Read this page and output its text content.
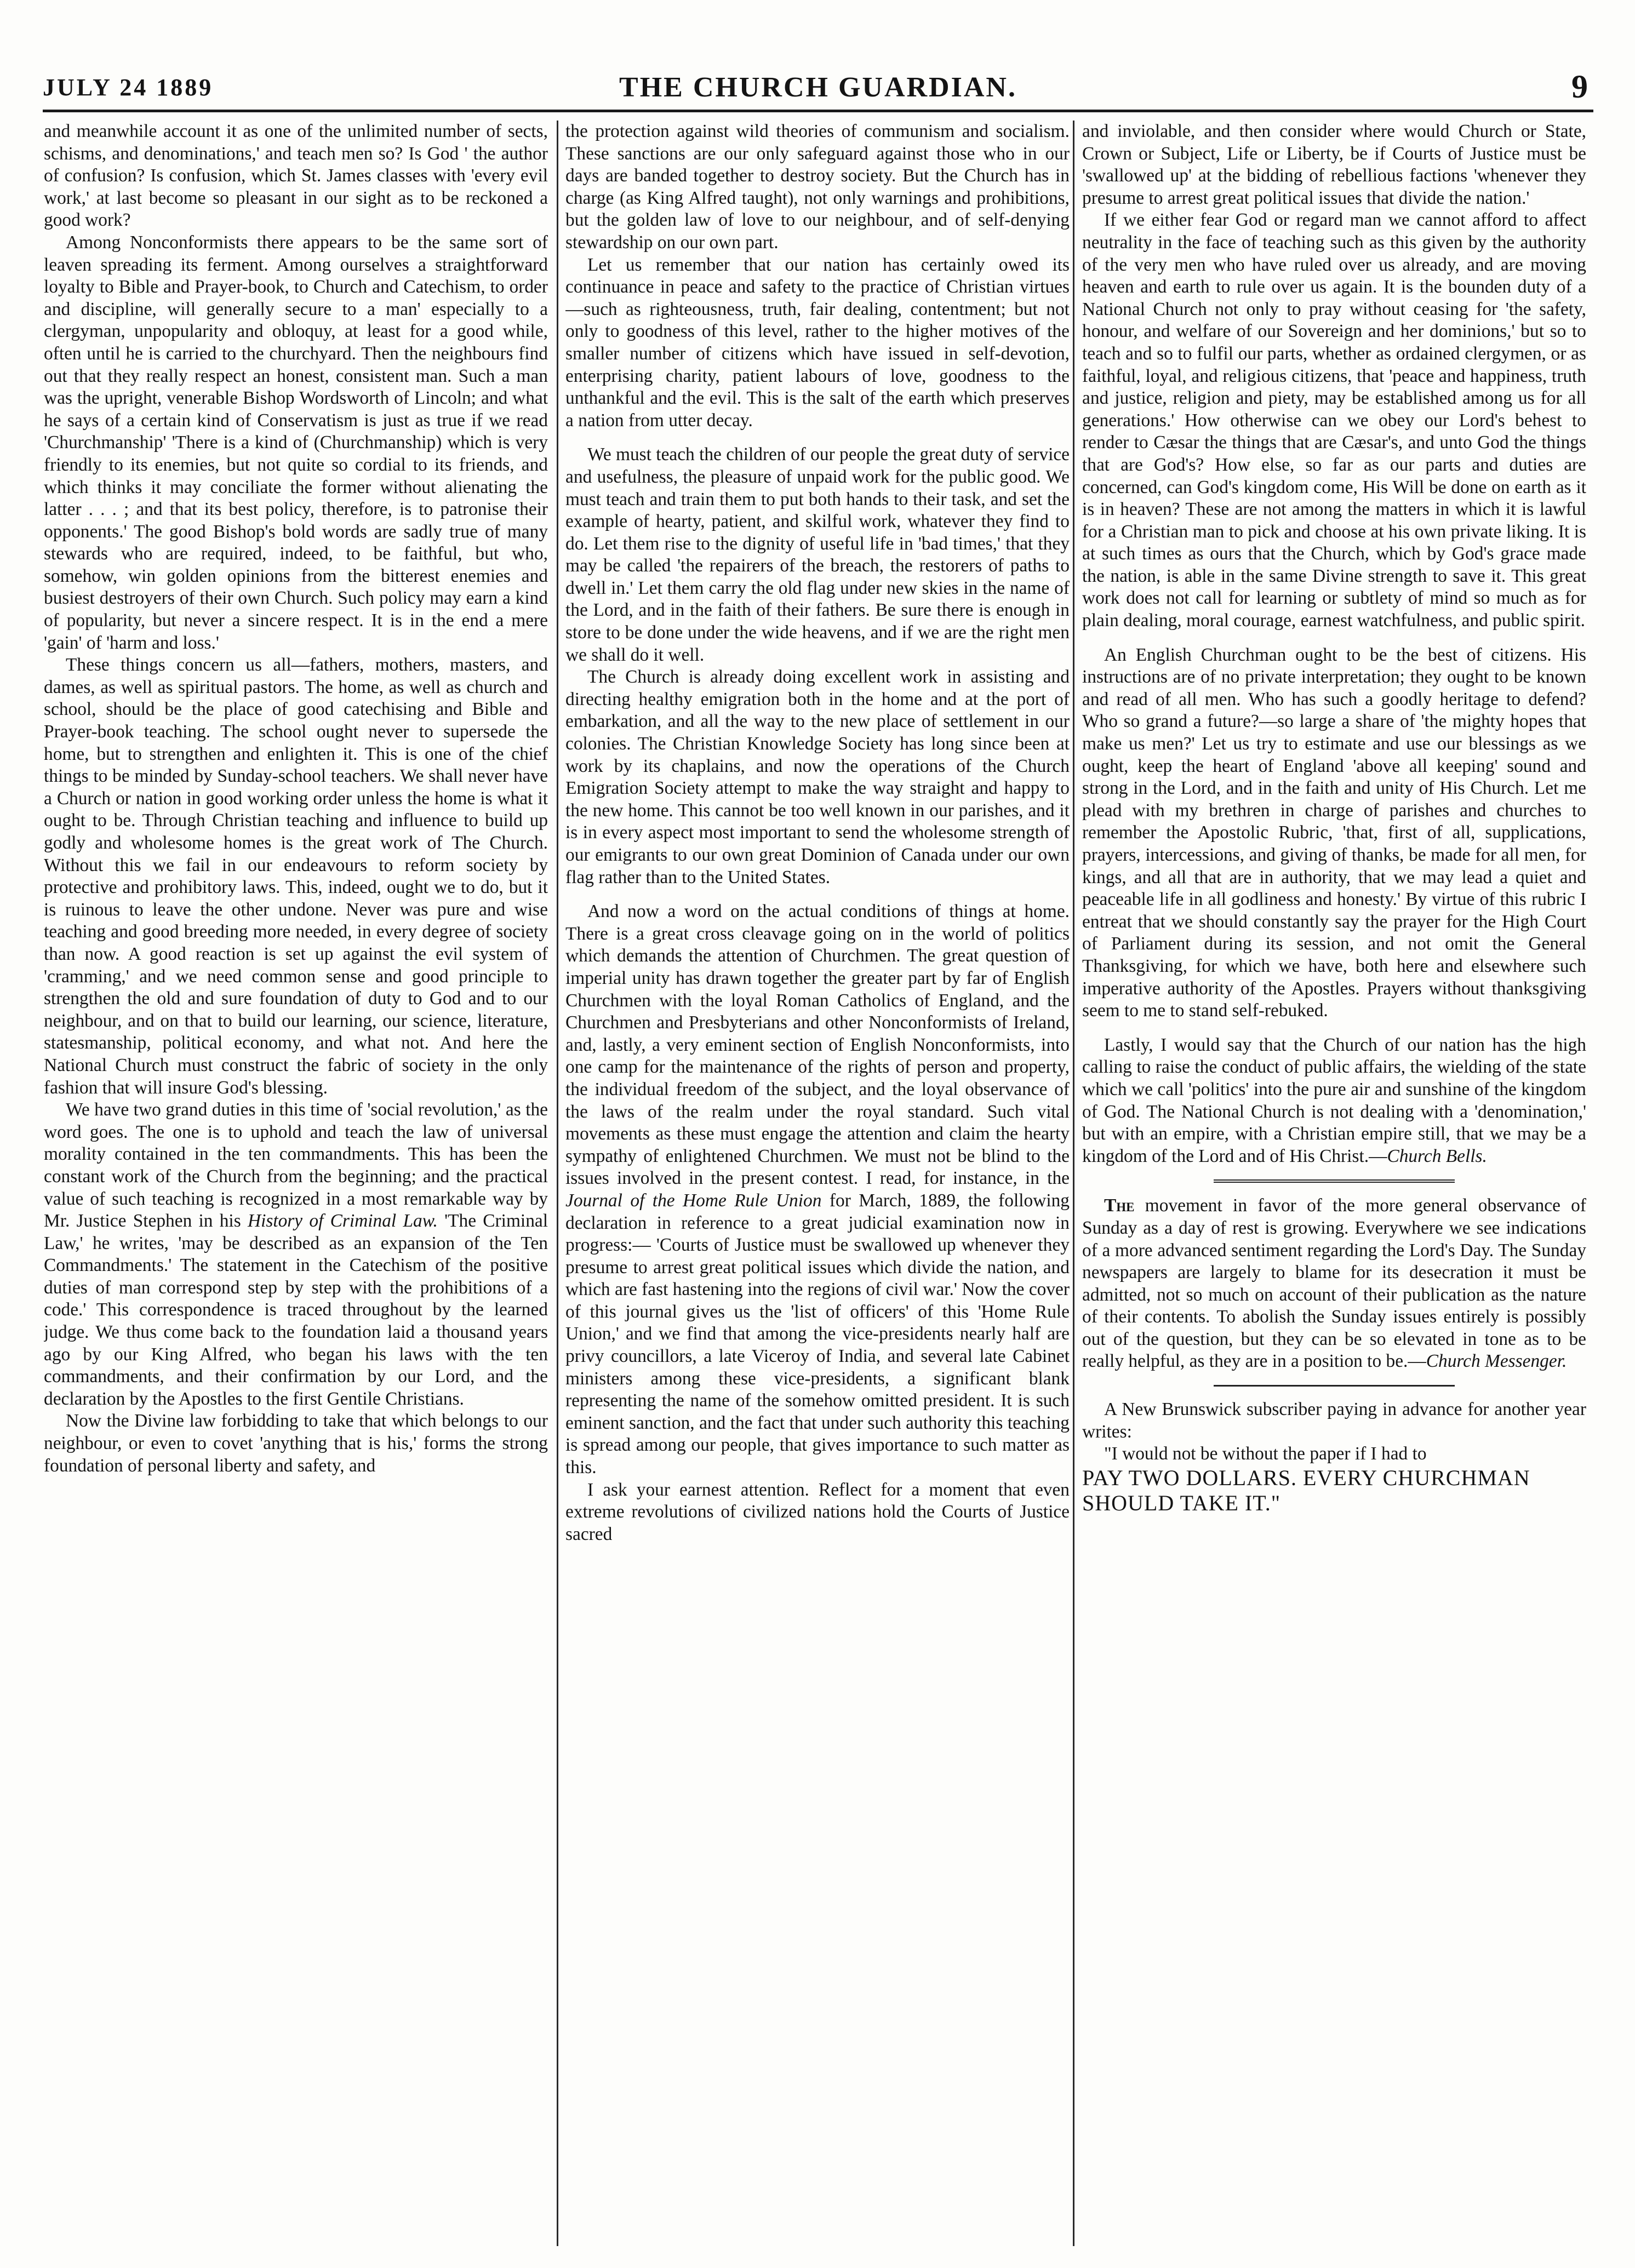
JULY 24 1889	THE CHURCH GUARDIAN.	9

and meanwhile account it as one of the unlimited number of sects, schisms, and denominations,' and teach men so? Is God ' the author of confusion? Is confusion, which St. James classes with 'every evil work,' at last become so pleasant in our sight as to be reckoned a good work?

Among Nonconformists there appears to be the same sort of leaven spreading its ferment. Among ourselves a straightforward loyalty to Bible and Prayer-book, to Church and Catechism, to order and discipline, will generally secure to a man' especially to a clergyman, unpopularity and obloquy, at least for a good while, often until he is carried to the churchyard. Then the neighbours find out that they really respect an honest, consistent man. Such a man was the upright, venerable Bishop Wordsworth of Lincoln; and what he says of a certain kind of Conservatism is just as true if we read 'Churchmanship' 'There is a kind of (Churchmanship) which is very friendly to its enemies, but not quite so cordial to its friends, and which thinks it may conciliate the former without alienating the latter . . . ; and that its best policy, therefore, is to patronise their opponents.' The good Bishop's bold words are sadly true of many stewards who are required, indeed, to be faithful, but who, somehow, win golden opinions from the bitterest enemies and busiest destroyers of their own Church. Such policy may earn a kind of popularity, but never a sincere respect. It is in the end a mere 'gain' of 'harm and loss.'

These things concern us all—fathers, mothers, masters, and dames, as well as spiritual pastors. The home, as well as church and school, should be the place of good catechising and Bible and Prayer-book teaching. The school ought never to supersede the home, but to strengthen and enlighten it. This is one of the chief things to be minded by Sunday-school teachers. We shall never have a Church or nation in good working order unless the home is what it ought to be. Through Christian teaching and influence to build up godly and wholesome homes is the great work of The Church. Without this we fail in our endeavours to reform society by protective and prohibitory laws. This, indeed, ought we to do, but it is ruinous to leave the other undone. Never was pure and wise teaching and good breeding more needed, in every degree of society than now. A good reaction is set up against the evil system of 'cramming,' and we need common sense and good principle to strengthen the old and sure foundation of duty to God and to our neighbour, and on that to build our learning, our science, literature, statesmanship, political economy, and what not. And here the National Church must construct the fabric of society in the only fashion that will insure God's blessing.

We have two grand duties in this time of 'social revolution,' as the word goes. The one is to uphold and teach the law of universal morality contained in the ten commandments. This has been the constant work of the Church from the beginning; and the practical value of such teaching is recognized in a most remarkable way by Mr. Justice Stephen in his History of Criminal Law. 'The Criminal Law,' he writes, 'may be described as an expansion of the Ten Commandments.' The statement in the Catechism of the positive duties of man correspond step by step with the prohibitions of a code.' This correspondence is traced throughout by the learned judge. We thus come back to the foundation laid a thousand years ago by our King Alfred, who began his laws with the ten commandments, and their confirmation by our Lord, and the declaration by the Apostles to the first Gentile Christians.

Now the Divine law forbidding to take that which belongs to our neighbour, or even to covet 'anything that is his,' forms the strong foundation of personal liberty and safety, and

the protection against wild theories of communism and socialism. These sanctions are our only safeguard against those who in our days are banded together to destroy society. But the Church has in charge (as King Alfred taught), not only warnings and prohibitions, but the golden law of love to our neighbour, and of self-denying stewardship on our own part.

Let us remember that our nation has certainly owed its continuance in peace and safety to the practice of Christian virtues—such as righteousness, truth, fair dealing, contentment; but not only to goodness of this level, rather to the higher motives of the smaller number of citizens which have issued in self-devotion, enterprising charity, patient labours of love, goodness to the unthankful and the evil. This is the salt of the earth which preserves a nation from utter decay.

We must teach the children of our people the great duty of service and usefulness, the pleasure of unpaid work for the public good. We must teach and train them to put both hands to their task, and set the example of hearty, patient, and skilful work, whatever they find to do. Let them rise to the dignity of useful life in 'bad times,' that they may be called 'the repairers of the breach, the restorers of paths to dwell in.' Let them carry the old flag under new skies in the name of the Lord, and in the faith of their fathers. Be sure there is enough in store to be done under the wide heavens, and if we are the right men we shall do it well.

The Church is already doing excellent work in assisting and directing healthy emigration both in the home and at the port of embarkation, and all the way to the new place of settlement in our colonies. The Christian Knowledge Society has long since been at work by its chaplains, and now the operations of the Church Emigration Society attempt to make the way straight and happy to the new home. This cannot be too well known in our parishes, and it is in every aspect most important to send the wholesome strength of our emigrants to our own great Dominion of Canada under our own flag rather than to the United States.

And now a word on the actual conditions of things at home. There is a great cross cleavage going on in the world of politics which demands the attention of Churchmen. The great question of imperial unity has drawn together the greater part by far of English Churchmen with the loyal Roman Catholics of England, and the Churchmen and Presbyterians and other Nonconformists of Ireland, and, lastly, a very eminent section of English Nonconformists, into one camp for the maintenance of the rights of person and property, the individual freedom of the subject, and the loyal observance of the laws of the realm under the royal standard. Such vital movements as these must engage the attention and claim the hearty sympathy of enlightened Churchmen. We must not be blind to the issues involved in the present contest. I read, for instance, in the Journal of the Home Rule Union for March, 1889, the following declaration in reference to a great judicial examination now in progress:— 'Courts of Justice must be swallowed up whenever they presume to arrest great political issues which divide the nation, and which are fast hastening into the regions of civil war.' Now the cover of this journal gives us the 'list of officers' of this 'Home Rule Union,' and we find that among the vice-presidents nearly half are privy councillors, a late Viceroy of India, and several late Cabinet ministers among these vice-presidents, a significant blank representing the name of the somehow omitted president. It is such eminent sanction, and the fact that under such authority this teaching is spread among our people, that gives importance to such matter as this.

I ask your earnest attention. Reflect for a moment that even extreme revolutions of civilized nations hold the Courts of Justice sacred

and inviolable, and then consider where would Church or State, Crown or Subject, Life or Liberty, be if Courts of Justice must be 'swallowed up' at the bidding of rebellious factions 'whenever they presume to arrest great political issues that divide the nation.'

If we either fear God or regard man we cannot afford to affect neutrality in the face of teaching such as this given by the authority of the very men who have ruled over us already, and are moving heaven and earth to rule over us again. It is the bounden duty of a National Church not only to pray without ceasing for 'the safety, honour, and welfare of our Sovereign and her dominions,' but so to teach and so to fulfil our parts, whether as ordained clergymen, or as faithful, loyal, and religious citizens, that 'peace and happiness, truth and justice, religion and piety, may be established among us for all generations.' How otherwise can we obey our Lord's behest to render to Cæsar the things that are Cæsar's, and unto God the things that are God's? How else, so far as our parts and duties are concerned, can God's kingdom come, His Will be done on earth as it is in heaven? These are not among the matters in which it is lawful for a Christian man to pick and choose at his own private liking. It is at such times as ours that the Church, which by God's grace made the nation, is able in the same Divine strength to save it. This great work does not call for learning or subtlety of mind so much as for plain dealing, moral courage, earnest watchfulness, and public spirit.

An English Churchman ought to be the best of citizens. His instructions are of no private interpretation; they ought to be known and read of all men. Who has such a goodly heritage to defend? Who so grand a future?—so large a share of 'the mighty hopes that make us men?' Let us try to estimate and use our blessings as we ought, keep the heart of England 'above all keeping' sound and strong in the Lord, and in the faith and unity of His Church. Let me plead with my brethren in charge of parishes and churches to remember the Apostolic Rubric, 'that, first of all, supplications, prayers, intercessions, and giving of thanks, be made for all men, for kings, and all that are in authority, that we may lead a quiet and peaceable life in all godliness and honesty.' By virtue of this rubric I entreat that we should constantly say the prayer for the High Court of Parliament during its session, and not omit the General Thanksgiving, for which we have, both here and elsewhere such imperative authority of the Apostles. Prayers without thanksgiving seem to me to stand self-rebuked.

Lastly, I would say that the Church of our nation has the high calling to raise the conduct of public affairs, the wielding of the state which we call 'politics' into the pure air and sunshine of the kingdom of God. The National Church is not dealing with a 'denomination,' but with an empire, with a Christian empire still, that we may be a kingdom of the Lord and of His Christ.—Church Bells.

The movement in favor of the more general observance of Sunday as a day of rest is growing. Everywhere we see indications of a more advanced sentiment regarding the Lord's Day. The Sunday newspapers are largely to blame for its desecration it must be admitted, not so much on account of their publication as the nature of their contents. To abolish the Sunday issues entirely is possibly out of the question, but they can be so elevated in tone as to be really helpful, as they are in a position to be.—Church Messenger.

A New Brunswick subscriber paying in advance for another year writes:

"I would not be without the paper if I had to

PAY TWO DOLLARS. EVERY CHURCHMAN SHOULD TAKE IT."
